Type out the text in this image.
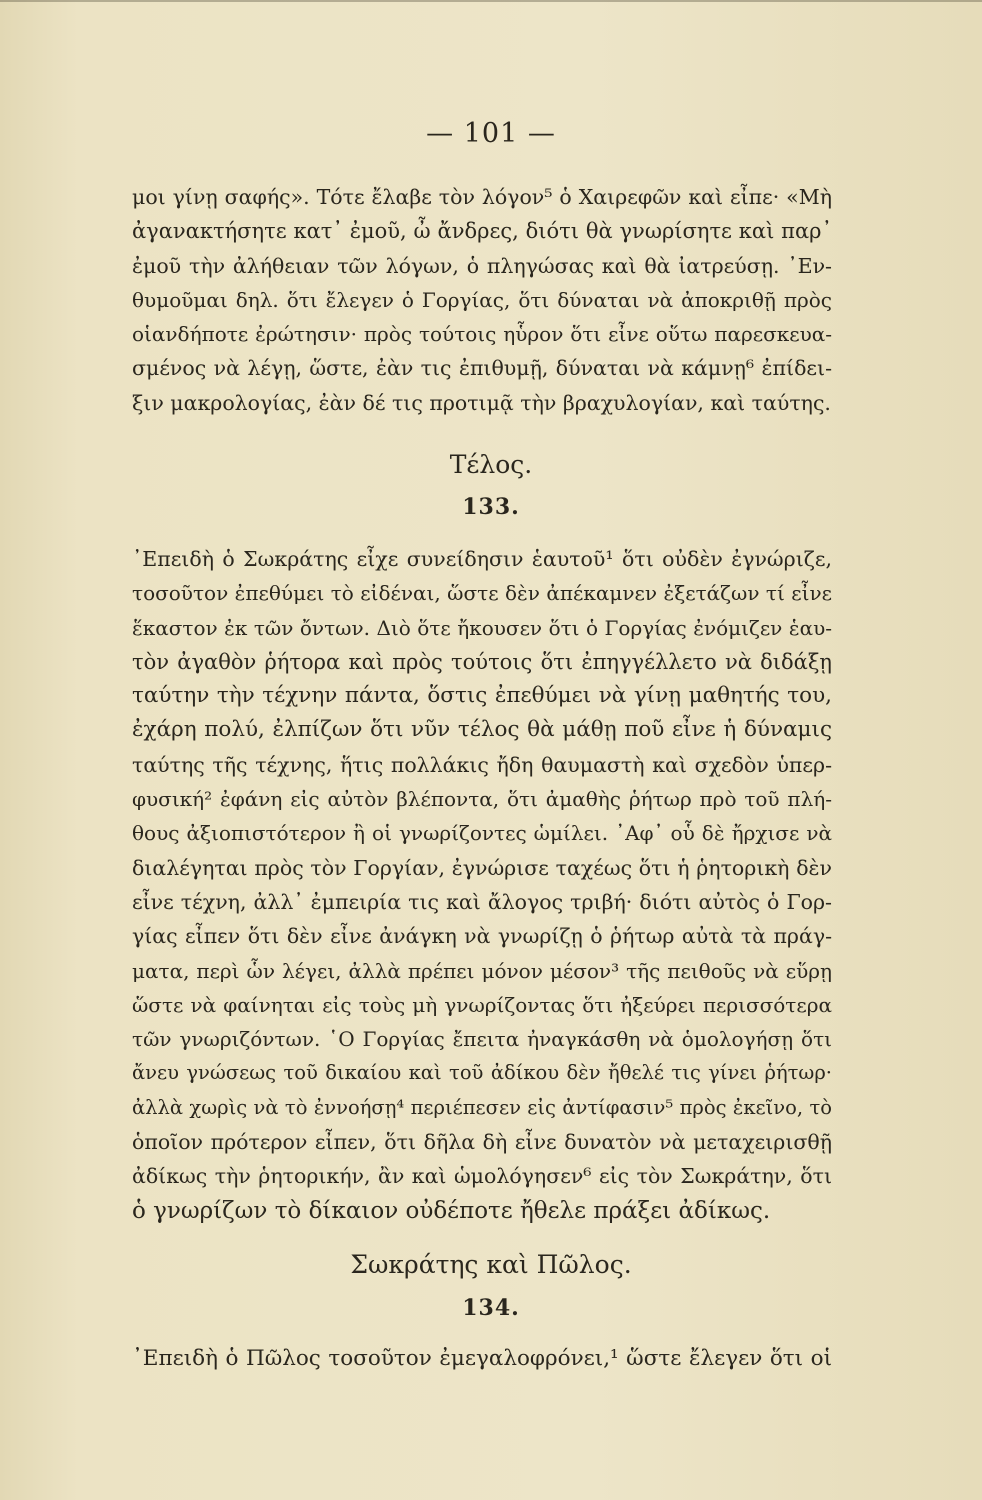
— 101 —
μοι γίνῃ σαφής». Τότε ἔλαβε τὸν λόγον⁵ ὁ Χαιρεφῶν καὶ εἶπε· «Μὴ
ἀγανακτήσητε κατ᾽ ἐμοῦ, ὦ ἄνδρες, διότι θὰ γνωρίσητε καὶ παρ᾽
ἐμοῦ τὴν ἀλήθειαν τῶν λόγων, ὁ πληγώσας καὶ θὰ ἰατρεύσῃ. ᾽Εν-
θυμοῦμαι δηλ. ὅτι ἔλεγεν ὁ Γοργίας, ὅτι δύναται νὰ ἀποκριθῇ πρὸς
οἱανδήποτε ἐρώτησιν· πρὸς τούτοις ηὗρον ὅτι εἶνε οὕτω παρεσκευα-
σμένος νὰ λέγῃ, ὥστε, ἐὰν τις ἐπιθυμῇ, δύναται νὰ κάμνῃ⁶ ἐπίδει-
ξιν μακρολογίας, ἐὰν δέ τις προτιμᾷ τὴν βραχυλογίαν, καὶ ταύτης.
Τέλος.
133.
᾽Επειδὴ ὁ Σωκράτης εἶχε συνείδησιν ἑαυτοῦ¹ ὅτι οὐδὲν ἐγνώριζε,
τοσοῦτον ἐπεθύμει τὸ εἰδέναι, ὥστε δὲν ἀπέκαμνεν ἐξετάζων τί εἶνε
ἕκαστον ἐκ τῶν ὄντων. Διὸ ὅτε ἤκουσεν ὅτι ὁ Γοργίας ἐνόμιζεν ἑαυ-
τὸν ἀγαθὸν ῥήτορα καὶ πρὸς τούτοις ὅτι ἐπηγγέλλετο νὰ διδάξῃ
ταύτην τὴν τέχνην πάντα, ὅστις ἐπεθύμει νὰ γίνῃ μαθητής του,
ἐχάρη πολύ, ἐλπίζων ὅτι νῦν τέλος θὰ μάθῃ ποῦ εἶνε ἡ δύναμις
ταύτης τῆς τέχνης, ἥτις πολλάκις ἤδη θαυμαστὴ καὶ σχεδὸν ὑπερ-
φυσική² ἐφάνη εἰς αὐτὸν βλέποντα, ὅτι ἀμαθὴς ῥήτωρ πρὸ τοῦ πλή-
θους ἀξιοπιστότερον ἢ οἱ γνωρίζοντες ὡμίλει. ᾽Αφ᾽ οὗ δὲ ἤρχισε νὰ
διαλέγηται πρὸς τὸν Γοργίαν, ἐγνώρισε ταχέως ὅτι ἡ ῥητορικὴ δὲν
εἶνε τέχνη, ἀλλ᾽ ἐμπειρία τις καὶ ἄλογος τριβή· διότι αὐτὸς ὁ Γορ-
γίας εἶπεν ὅτι δὲν εἶνε ἀνάγκη νὰ γνωρίζῃ ὁ ῥήτωρ αὐτὰ τὰ πράγ-
ματα, περὶ ὧν λέγει, ἀλλὰ πρέπει μόνον μέσον³ τῆς πειθοῦς νὰ εὕρῃ
ὥστε νὰ φαίνηται εἰς τοὺς μὴ γνωρίζοντας ὅτι ἠξεύρει περισσότερα
τῶν γνωριζόντων. ῾Ο Γοργίας ἔπειτα ἠναγκάσθη νὰ ὁμολογήσῃ ὅτι
ἄνευ γνώσεως τοῦ δικαίου καὶ τοῦ ἀδίκου δὲν ἤθελέ τις γίνει ῥήτωρ·
ἀλλὰ χωρὶς νὰ τὸ ἐννοήσῃ⁴ περιέπεσεν εἰς ἀντίφασιν⁵ πρὸς ἐκεῖνο, τὸ
ὁποῖον πρότερον εἶπεν, ὅτι δῆλα δὴ εἶνε δυνατὸν νὰ μεταχειρισθῇ
ἀδίκως τὴν ῥητορικήν, ἂν καὶ ὡμολόγησεν⁶ εἰς τὸν Σωκράτην, ὅτι
ὁ γνωρίζων τὸ δίκαιον οὐδέποτε ἤθελε πράξει ἀδίκως.
Σωκράτης καὶ Πῶλος.
134.
᾽Επειδὴ ὁ Πῶλος τοσοῦτον ἐμεγαλοφρόνει,¹ ὥστε ἔλεγεν ὅτι οἱ
